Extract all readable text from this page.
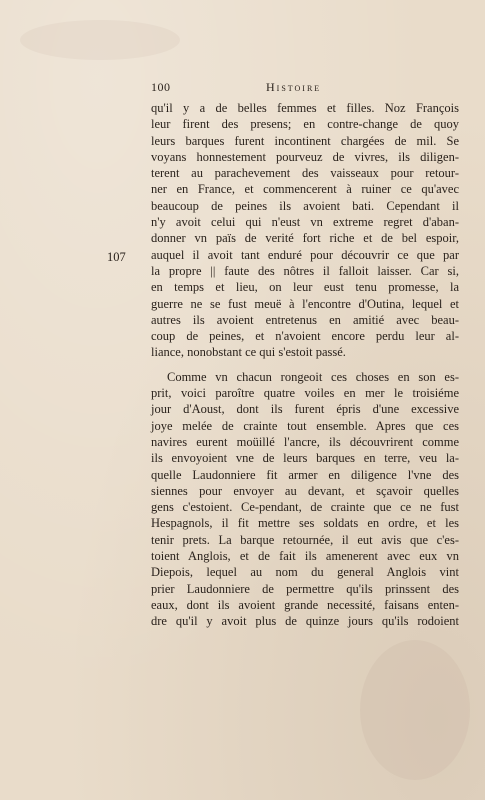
100	Histoire
107
qu'il y a de belles femmes et filles. Noz François
leur firent des presens; en contre-change de quoy
leurs barques furent incontinent chargées de mil. Se
voyans honnestement pourveuz de vivres, ils diligen-
terent au parachevement des vaisseaux pour retour-
ner en France, et commencerent à ruiner ce qu'avec
beaucoup de peines ils avoient bati. Cependant il
n'y avoit celui qui n'eust vn extreme regret d'aban-
donner vn païs de verité fort riche et de bel espoir,
auquel il avoit tant enduré pour découvrir ce que par
la propre || faute des nôtres il falloit laisser. Car si,
en temps et lieu, on leur eust tenu promesse, la
guerre ne se fust meuë à l'encontre d'Outina, lequel et
autres ils avoient entretenus en amitié avec beau-
coup de peines, et n'avoient encore perdu leur al-
liance, nonobstant ce qui s'estoit passé.
Comme vn chacun rongeoit ces choses en son es-
prit, voici paroître quatre voiles en mer le troisiéme
jour d'Aoust, dont ils furent épris d'une excessive
joye melée de crainte tout ensemble. Apres que ces
navires eurent moüillé l'ancre, ils découvrirent comme
ils envoyoient vne de leurs barques en terre, veu la-
quelle Laudonniere fit armer en diligence l'vne des
siennes pour envoyer au devant, et sçavoir quelles
gens c'estoient. Ce-pendant, de crainte que ce ne fust
Hespagnols, il fit mettre ses soldats en ordre, et les
tenir prets. La barque retournée, il eut avis que c'es-
toient Anglois, et de fait ils amenerent avec eux vn
Diepois, lequel au nom du general Anglois vint
prier Laudonniere de permettre qu'ils prinssent des
eaux, dont ils avoient grande necessité, faisans enten-
dre qu'il y avoit plus de quinze jours qu'ils rodoient
